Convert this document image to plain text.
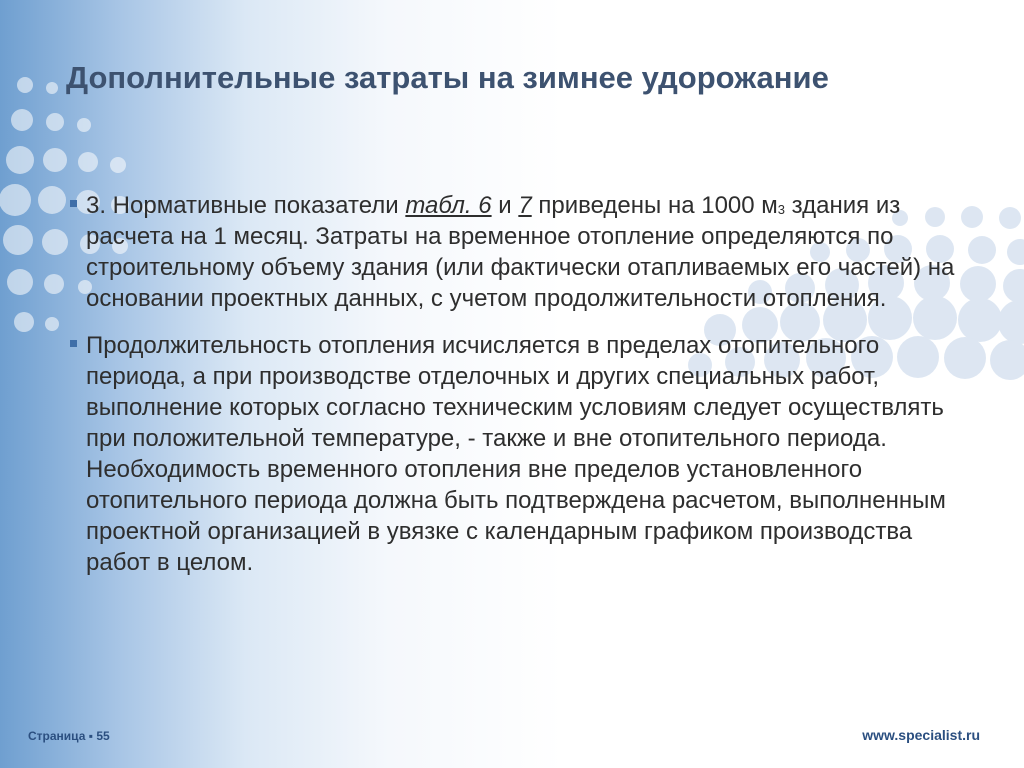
Дополнительные затраты на зимнее удорожание
3. Нормативные показатели табл. 6 и 7 приведены на 1000 $м^3$ здания из расчета на 1 месяц. Затраты на временное отопление определяются по строительному объему здания (или фактически отапливаемых его частей) на основании проектных данных, с учетом продолжительности отопления.
Продолжительность отопления исчисляется в пределах отопительного периода, а при производстве отделочных и других специальных работ, выполнение которых согласно техническим условиям следует осуществлять при положительной температуре, - также и вне отопительного периода. Необходимость временного отопления вне пределов установленного отопительного периода должна быть подтверждена расчетом, выполненным проектной организацией в увязке с календарным графиком производства работ в целом.
Страница ▪ 55	www.specialist.ru
